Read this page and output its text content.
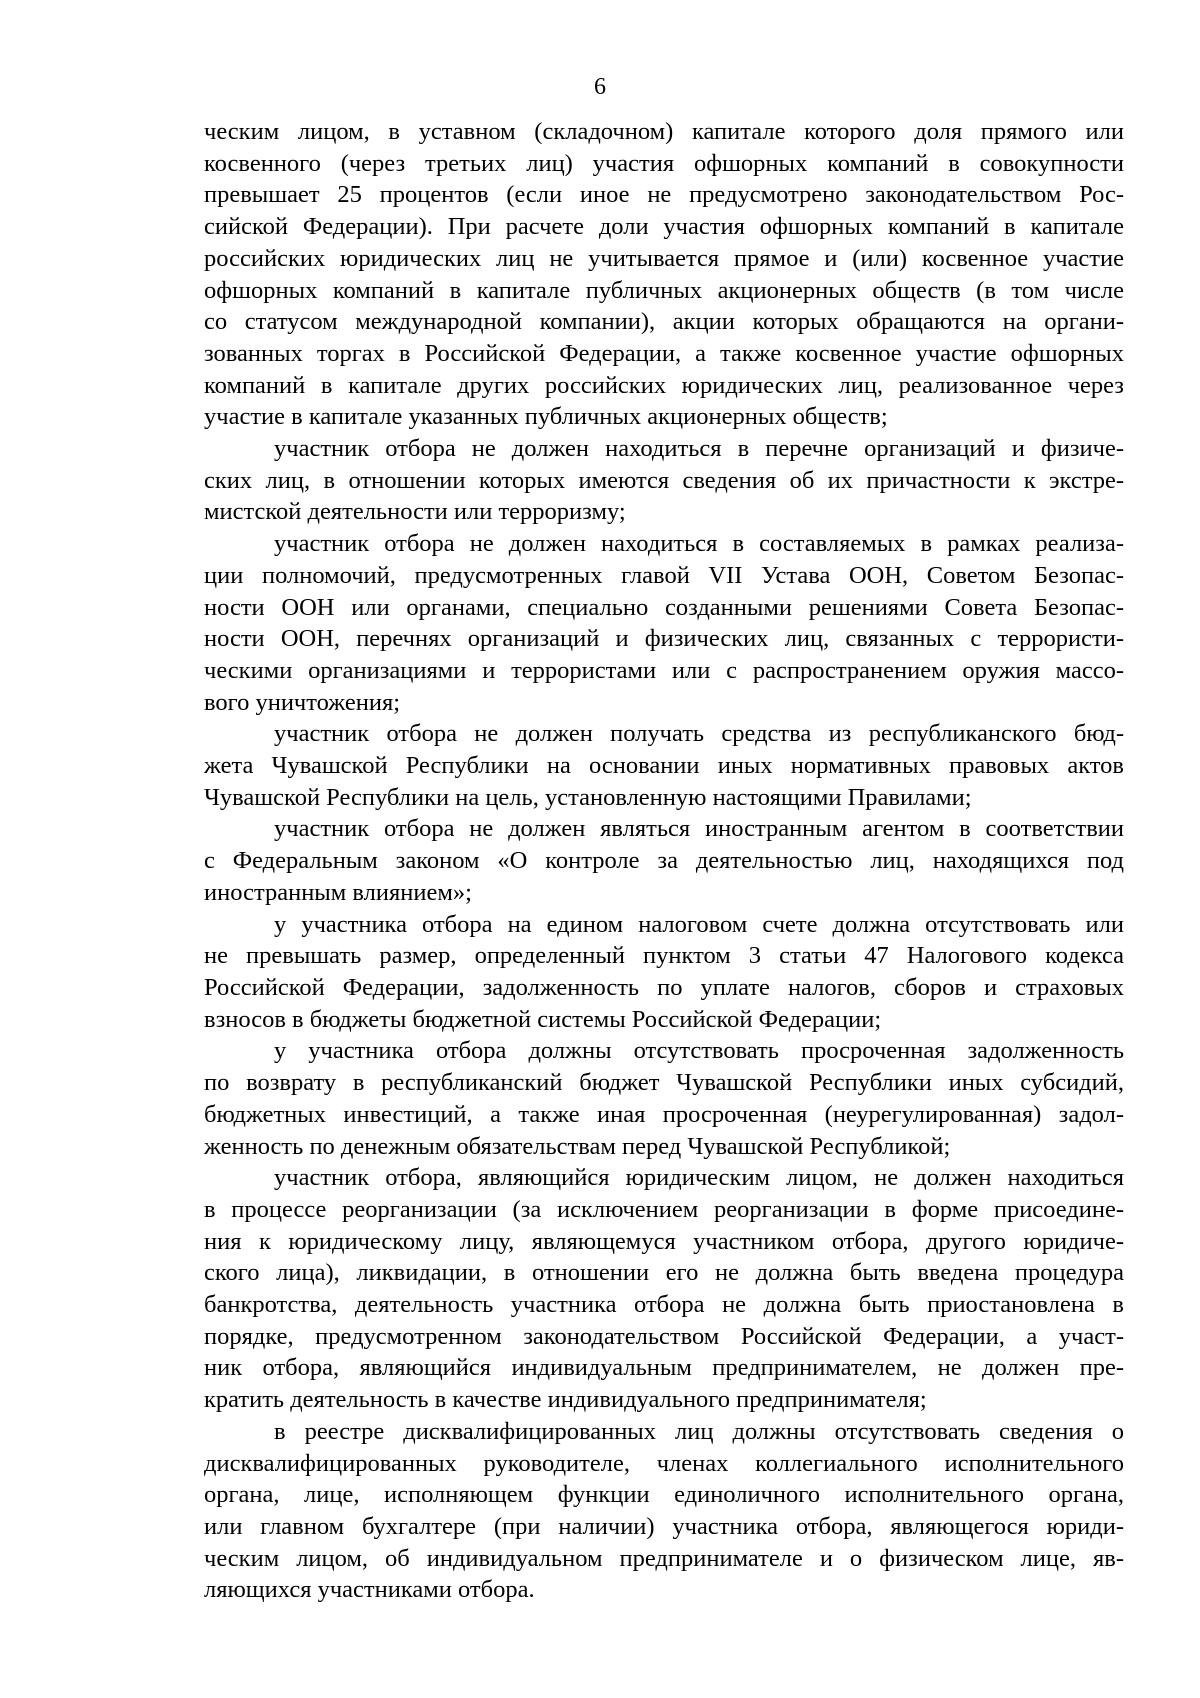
6
ческим лицом, в уставном (складочном) капитале которого доля прямого или
косвенного (через третьих лиц) участия офшорных компаний в совокупности
превышает 25 процентов (если иное не предусмотрено законодательством Рос-
сийской Федерации). При расчете доли участия офшорных компаний в капитале
российских юридических лиц не учитывается прямое и (или) косвенное участие
офшорных компаний в капитале публичных акционерных обществ (в том числе
со статусом международной компании), акции которых обращаются на органи-
зованных торгах в Российской Федерации, а также косвенное участие офшорных
компаний в капитале других российских юридических лиц, реализованное через
участие в капитале указанных публичных акционерных обществ;
участник отбора не должен находиться в перечне организаций и физиче-
ских лиц, в отношении которых имеются сведения об их причастности к экстре-
мистской деятельности или терроризму;
участник отбора не должен находиться в составляемых в рамках реализа-
ции полномочий, предусмотренных главой VII Устава ООН, Советом Безопас-
ности ООН или органами, специально созданными решениями Совета Безопас-
ности ООН, перечнях организаций и физических лиц, связанных с террористи-
ческими организациями и террористами или с распространением оружия массо-
вого уничтожения;
участник отбора не должен получать средства из республиканского бюд-
жета Чувашской Республики на основании иных нормативных правовых актов
Чувашской Республики на цель, установленную настоящими Правилами;
участник отбора не должен являться иностранным агентом в соответствии
с Федеральным законом «О контроле за деятельностью лиц, находящихся под
иностранным влиянием»;
у участника отбора на едином налоговом счете должна отсутствовать или
не превышать размер, определенный пунктом 3 статьи 47 Налогового кодекса
Российской Федерации, задолженность по уплате налогов, сборов и страховых
взносов в бюджеты бюджетной системы Российской Федерации;
у участника отбора должны отсутствовать просроченная задолженность
по возврату в республиканский бюджет Чувашской Республики иных субсидий,
бюджетных инвестиций, а также иная просроченная (неурегулированная) задол-
женность по денежным обязательствам перед Чувашской Республикой;
участник отбора, являющийся юридическим лицом, не должен находиться
в процессе реорганизации (за исключением реорганизации в форме присоедине-
ния к юридическому лицу, являющемуся участником отбора, другого юридиче-
ского лица), ликвидации, в отношении его не должна быть введена процедура
банкротства, деятельность участника отбора не должна быть приостановлена в
порядке, предусмотренном законодательством Российской Федерации, а участ-
ник отбора, являющийся индивидуальным предпринимателем, не должен пре-
кратить деятельность в качестве индивидуального предпринимателя;
в реестре дисквалифицированных лиц должны отсутствовать сведения о
дисквалифицированных руководителе, членах коллегиального исполнительного
органа, лице, исполняющем функции единоличного исполнительного органа,
или главном бухгалтере (при наличии) участника отбора, являющегося юриди-
ческим лицом, об индивидуальном предпринимателе и о физическом лице, яв-
ляющихся участниками отбора.
